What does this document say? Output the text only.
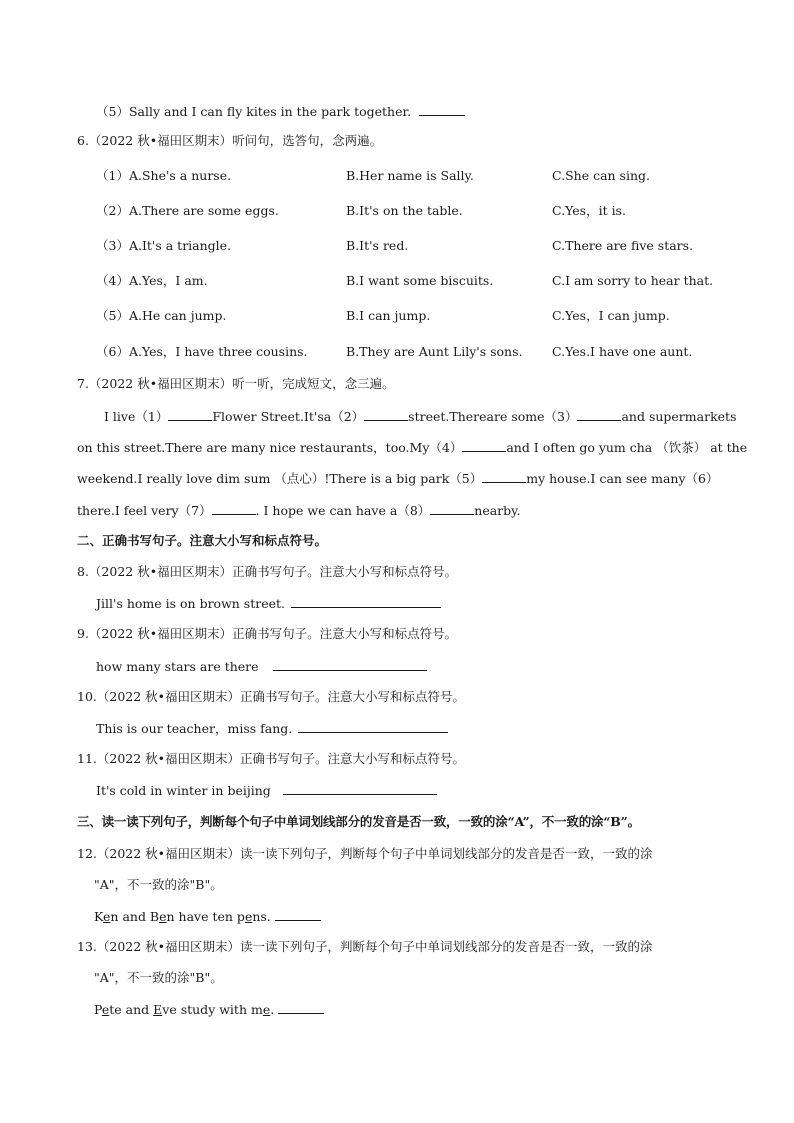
（5）Sally and I can fly kites in the park together.
6.（2022 秋•福田区期末）听问句，选答句，念两遍。
（1）A.She's a nurse.	B.Her name is Sally.	C.She can sing.
（2）A.There are some eggs.	B.It's on the table.	C.Yes，it is.
（3）A.It's a triangle.	B.It's red.	C.There are five stars.
（4）A.Yes，I am.	B.I want some biscuits.	C.I am sorry to hear that.
（5）A.He can jump.	B.I can jump.	C.Yes，I can jump.
（6）A.Yes，I have three cousins.	B.They are Aunt Lily's sons. C.Yes.I have one aunt.
7.（2022 秋•福田区期末）听一听，完成短文，念三遍。
I live（1）	Flower Street.It'sa（2）	street.Thereare some（3）	and supermarkets
on this street.There are many nice restaurants，too.My（4）	and I often go yum cha （饮茶） at the
weekend.I really love dim sum （点心）!There is a big park（5）	my house.I can see many（6）
there.I feel very（7）	. I hope we can have a（8）	nearby.
二、正确书写句子。注意大小写和标点符号。
8.（2022 秋•福田区期末）正确书写句子。注意大小写和标点符号。
Jill's home is on brown street.
9.（2022 秋•福田区期末）正确书写句子。注意大小写和标点符号。
how many stars are there
10.（2022 秋•福田区期末）正确书写句子。注意大小写和标点符号。
This is our teacher，miss fang.
11.（2022 秋•福田区期末）正确书写句子。注意大小写和标点符号。
It's cold in winter in beijing
三、读一读下列句子，判断每个句子中单词划线部分的发音是否一致，一致的涂“A”，不一致的涂“B”。
12.（2022 秋•福田区期末）读一读下列句子，判断每个句子中单词划线部分的发音是否一致，一致的涂
"A"，不一致的涂"B"。
Ken and Ben have ten pens.
13.（2022 秋•福田区期末）读一读下列句子，判断每个句子中单词划线部分的发音是否一致，一致的涂
"A"，不一致的涂"B"。
Pete and Eve study with me.
